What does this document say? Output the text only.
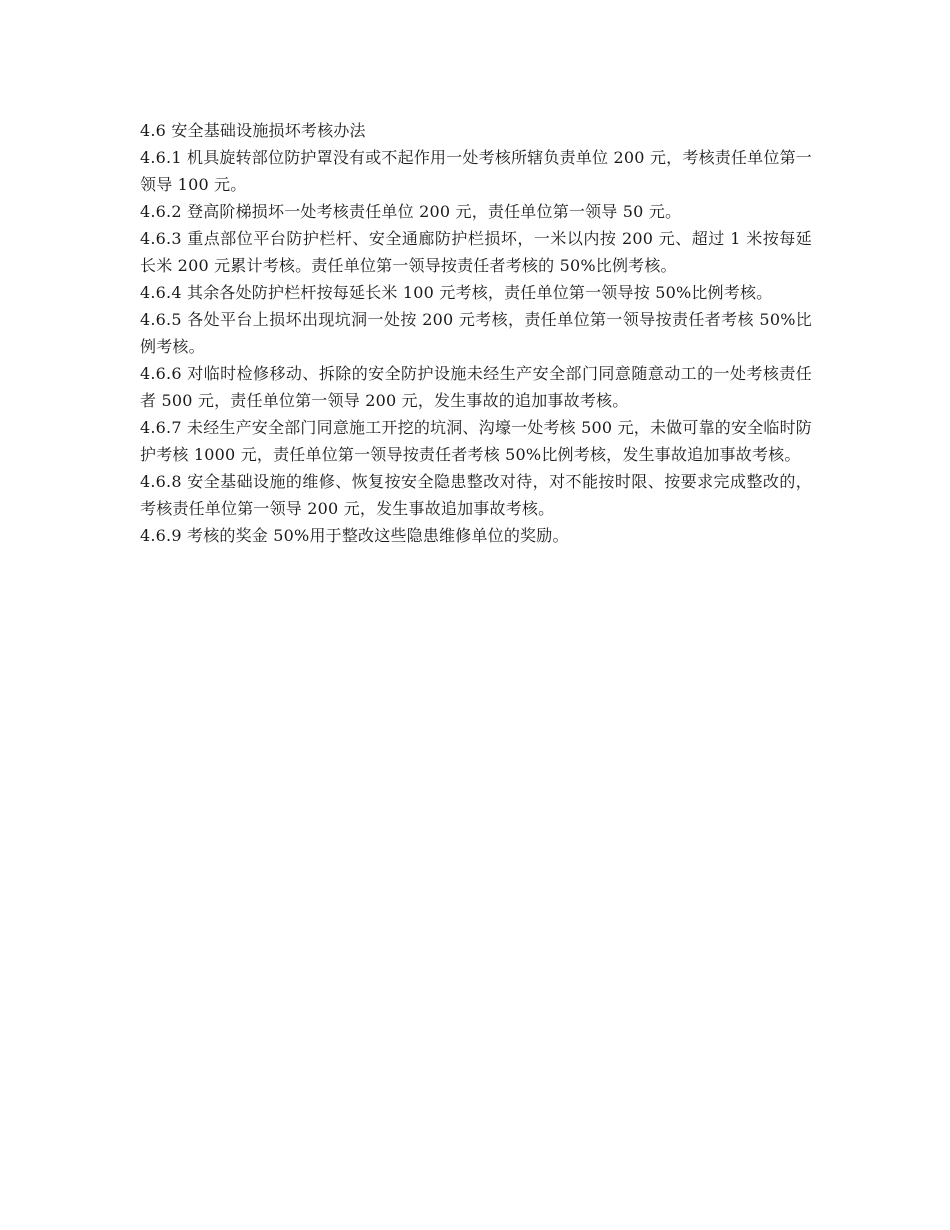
4.6 安全基础设施损坏考核办法

4.6.1 机具旋转部位防护罩没有或不起作用一处考核所辖负责单位 200 元，考核责任单位第一领导 100 元。

4.6.2 登高阶梯损坏一处考核责任单位 200 元，责任单位第一领导 50 元。

4.6.3 重点部位平台防护栏杆、安全通廊防护栏损坏，一米以内按 200 元、超过 1 米按每延长米 200 元累计考核。责任单位第一领导按责任者考核的 50%比例考核。

4.6.4 其余各处防护栏杆按每延长米 100 元考核，责任单位第一领导按 50%比例考核。

4.6.5 各处平台上损坏出现坑洞一处按 200 元考核，责任单位第一领导按责任者考核 50%比例考核。

4.6.6 对临时检修移动、拆除的安全防护设施未经生产安全部门同意随意动工的一处考核责任者 500 元，责任单位第一领导 200 元，发生事故的追加事故考核。

4.6.7 未经生产安全部门同意施工开挖的坑洞、沟壕一处考核 500 元，未做可靠的安全临时防护考核 1000 元，责任单位第一领导按责任者考核 50%比例考核，发生事故追加事故考核。

4.6.8 安全基础设施的维修、恢复按安全隐患整改对待，对不能按时限、按要求完成整改的，考核责任单位第一领导 200 元，发生事故追加事故考核。

4.6.9 考核的奖金 50%用于整改这些隐患维修单位的奖励。
